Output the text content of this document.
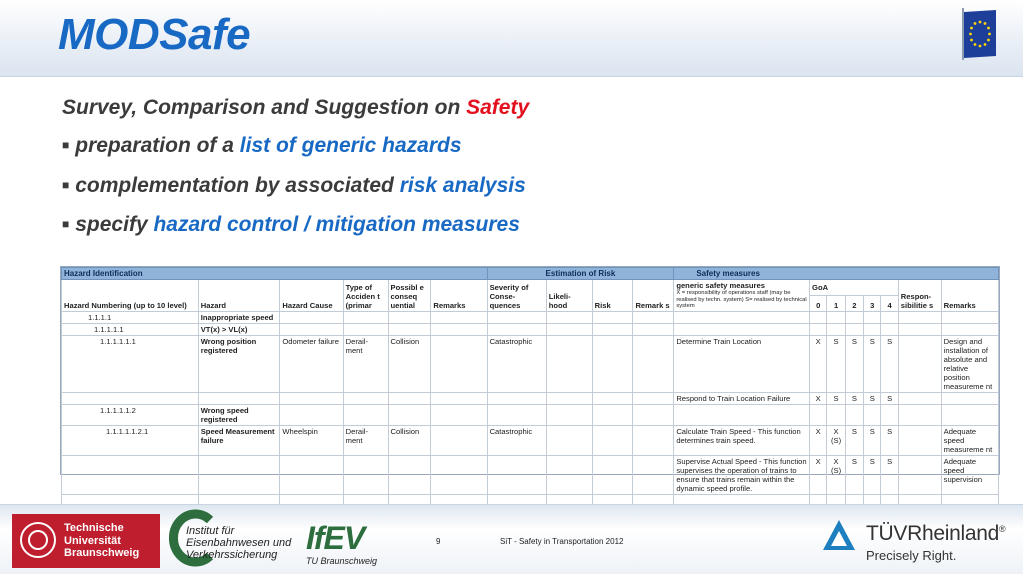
MODSafe
Survey, Comparison and Suggestion on Safety
■ preparation of a list of generic hazards
■ complementation by associated risk analysis
■ specify hazard control / mitigation measures
Hazard Identification						Estimation of Risk				Safety measures							
Hazard Numbering (up to 10 level)	Hazard	Hazard Cause	Type of Acciden t (primar	Possibl e conseq uential	Remarks	Severity of Conse- quences	Likeli- hood	Risk	Remark s	generic safety measures
X = responsibility of operations staff (may be realised by techn. system) S= realised by technical system	GoA					Respon- sibilitie s	Remarks
											0	1	2	3	4		
1.1.1.1	Inappropriate speed																
1.1.1.1.1	VT(x) > VL(x)																
1.1.1.1.1.1	Wrong position registered	Odometer failure	Derail- ment	Collision		Catastrophic				Determine Train Location	X	S	S	S	S		Design and installation of absolute and relative position measureme nt
										Respond to Train Location Failure	X	S	S	S	S		
1.1.1.1.1.2	Wrong speed registered																
1.1.1.1.1.2.1	Speed Measurement failure	Wheelspin	Derail- ment	Collision		Catastrophic				Calculate Train Speed - This function determines train speed.	X	X (S)	S	S	S		Adequate speed measureme nt
										Supervise Actual Speed - This function supervises the operation of trains to ensure that trains remain within the dynamic speed profile.	X	X (S)	S	S	S		Adequate speed supervision

Technische Universität Braunschweig
Institut für Eisenbahnwesen und Verkehrssicherung IfEV
TU Braunschweig
9	SiT - Safety in Transportation 2012	TÜVRheinland®
Precisely Right.
